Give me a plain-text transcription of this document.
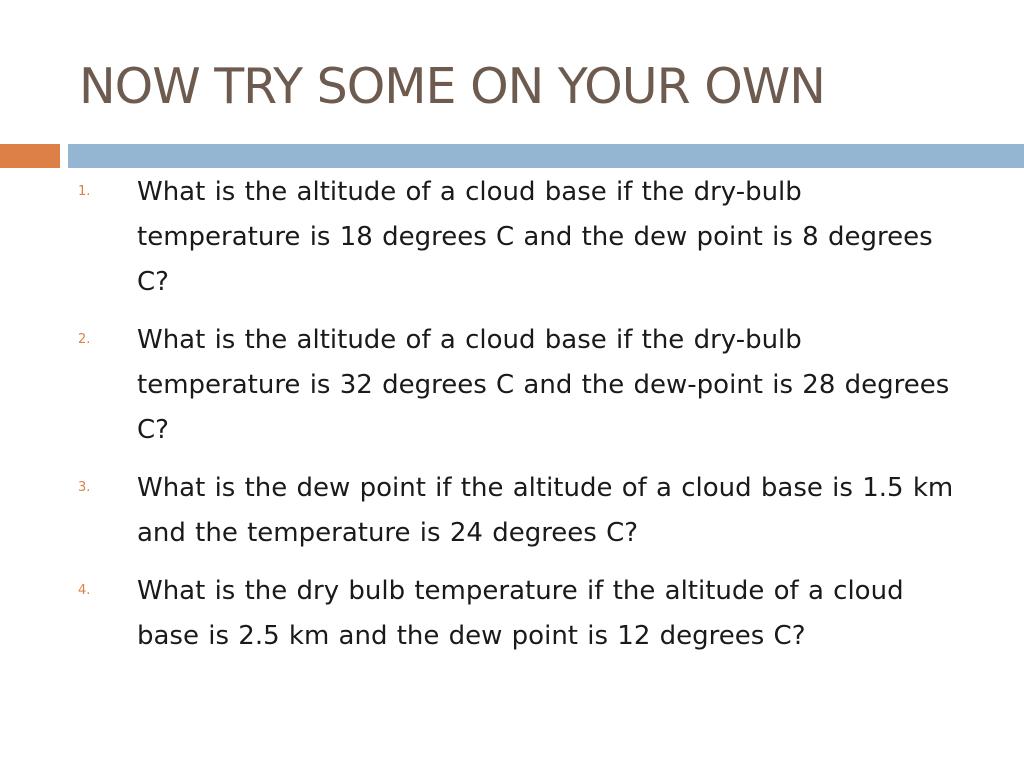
NOW TRY SOME ON YOUR OWN
1. What is the altitude of a cloud base if the dry-bulb temperature is 18 degrees C and the dew point is 8 degrees C?
2. What is the altitude of a cloud base if the dry-bulb temperature is 32 degrees C and the dew-point is 28 degrees C?
3. What is the dew point if the altitude of a cloud base is 1.5 km and the temperature is 24 degrees C?
4. What is the dry bulb temperature if the altitude of a cloud base is 2.5 km and the dew point is 12 degrees C?
